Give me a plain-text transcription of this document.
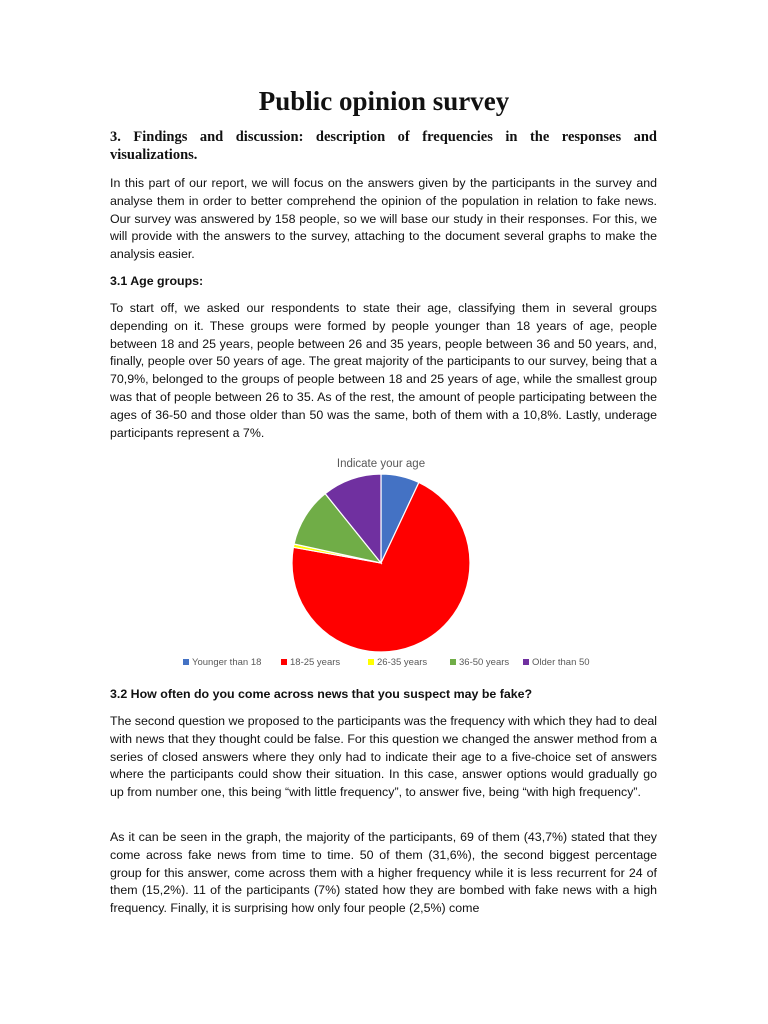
Public opinion survey

3. Findings and discussion: description of frequencies in the responses and visualizations.

In this part of our report, we will focus on the answers given by the participants in the survey and analyse them in order to better comprehend the opinion of the population in relation to fake news. Our survey was answered by 158 people, so we will base our study in their responses. For this, we will provide with the answers to the survey, attaching to the document several graphs to make the analysis easier.

3.1 Age groups:

To start off, we asked our respondents to state their age, classifying them in several groups depending on it. These groups were formed by people younger than 18 years of age, people between 18 and 25 years, people between 26 and 35 years, people between 36 and 50 years, and, finally, people over 50 years of age. The great majority of the participants to our survey, being that a 70,9%, belonged to the groups of people between 18 and 25 years of age, while the smallest group was that of people between 26 to 35. As of the rest, the amount of people participating between the ages of 36-50 and those older than 50 was the same, both of them with a 10,8%. Lastly, underage participants represent a 7%.

Indicate your age
Younger than 18	18-25 years	26-35 years	36-50 years Older than 50

3.2 How often do you come across news that you suspect may be fake?

The second question we proposed to the participants was the frequency with which they had to deal with news that they thought could be false. For this question we changed the answer method from a series of closed answers where they only had to indicate their age to a five-choice set of answers where the participants could show their situation. In this case, answer options would gradually go up from number one, this being “with little frequency”, to answer five, being “with high frequency”.

As it can be seen in the graph, the majority of the participants, 69 of them (43,7%) stated that they come across fake news from time to time. 50 of them (31,6%), the second biggest percentage group for this answer, come across them with a higher frequency while it is less recurrent for 24 of them (15,2%). 11 of the participants (7%) stated how they are bombed with fake news with a high frequency. Finally, it is surprising how only four people (2,5%) come
